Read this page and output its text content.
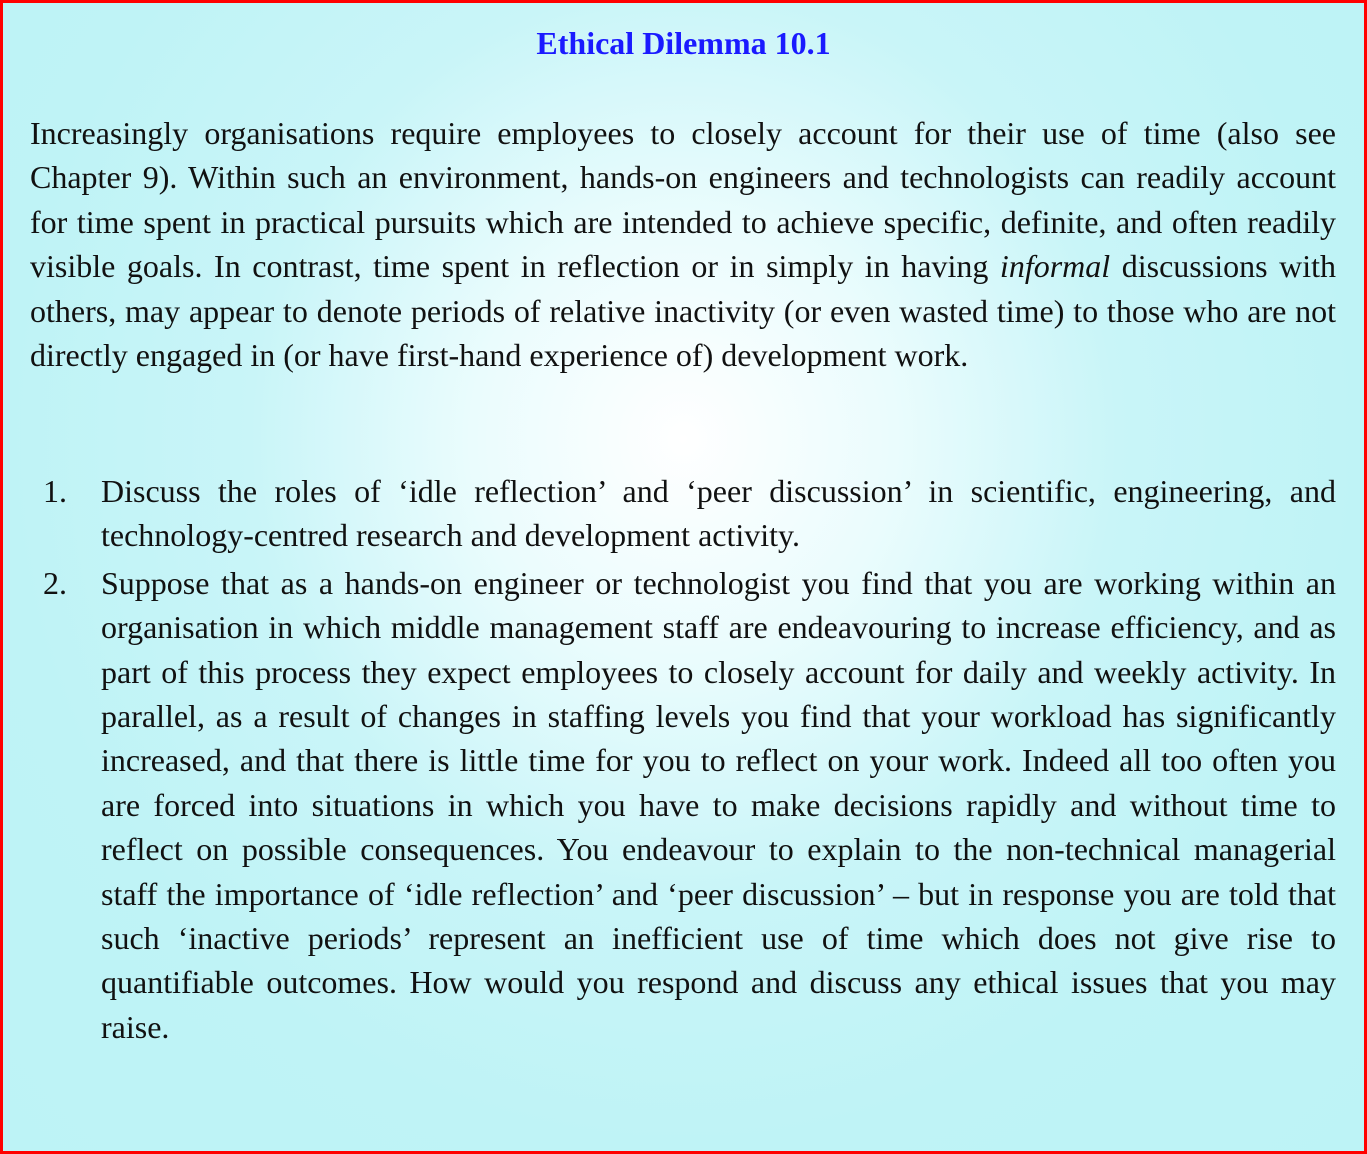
Ethical Dilemma 10.1

Increasingly organisations require employees to closely account for their use of time (also see Chapter 9). Within such an environment, hands-on engineers and technologists can readily account for time spent in practical pursuits which are intended to achieve specific, definite, and often readily visible goals. In contrast, time spent in reflection or in simply in having informal discussions with others, may appear to denote periods of relative inactivity (or even wasted time) to those who are not directly engaged in (or have first-hand experience of) development work.

1. Discuss the roles of ‘idle reflection’ and ‘peer discussion’ in scientific, engineering, and technology-centred research and development activity.
2. Suppose that as a hands-on engineer or technologist you find that you are working within an organisation in which middle management staff are endeavouring to increase efficiency, and as part of this process they expect employees to closely account for daily and weekly activity. In parallel, as a result of changes in staffing levels you find that your workload has significantly increased, and that there is little time for you to reflect on your work. Indeed all too often you are forced into situations in which you have to make decisions rapidly and without time to reflect on possible consequences. You endeavour to explain to the non-technical managerial staff the importance of ‘idle reflection’ and ‘peer discussion’ – but in response you are told that such ‘inactive periods’ represent an inefficient use of time which does not give rise to quantifiable outcomes. How would you respond and discuss any ethical issues that you may raise.
